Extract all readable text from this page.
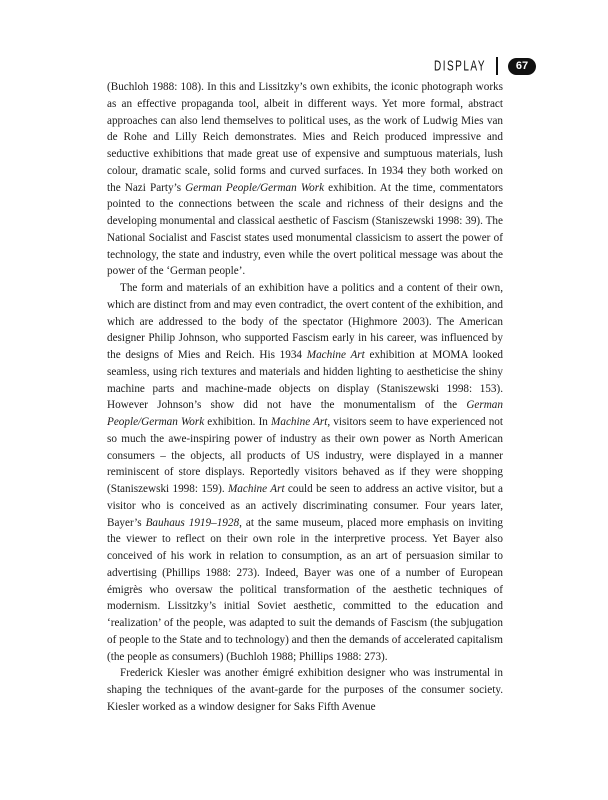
DISPLAY	67

(Buchloh 1988: 108). In this and Lissitzky’s own exhibits, the iconic photograph works as an effective propaganda tool, albeit in different ways. Yet more formal, abstract approaches can also lend themselves to political uses, as the work of Ludwig Mies van de Rohe and Lilly Reich demonstrates. Mies and Reich produced impressive and seductive exhibitions that made great use of expensive and sumptuous materials, lush colour, dramatic scale, solid forms and curved surfaces. In 1934 they both worked on the Nazi Party’s German People/German Work exhibition. At the time, commentators pointed to the connections between the scale and richness of their designs and the developing monumental and classical aesthetic of Fascism (Staniszewski 1998: 39). The National Socialist and Fascist states used monumental classicism to assert the power of technology, the state and industry, even while the overt political message was about the power of the ‘German people’.

The form and materials of an exhibition have a politics and a content of their own, which are distinct from and may even contradict, the overt content of the exhibition, and which are addressed to the body of the spectator (Highmore 2003). The American designer Philip Johnson, who supported Fascism early in his career, was influenced by the designs of Mies and Reich. His 1934 Machine Art exhibition at MOMA looked seamless, using rich textures and materials and hidden lighting to aestheticise the shiny machine parts and machine-made objects on display (Staniszewski 1998: 153). However Johnson’s show did not have the monumentalism of the German People/German Work exhibition. In Machine Art, visitors seem to have experienced not so much the awe-inspiring power of industry as their own power as North American consumers – the objects, all products of US industry, were displayed in a manner reminiscent of store displays. Reportedly visitors behaved as if they were shopping (Staniszewski 1998: 159). Machine Art could be seen to address an active visitor, but a visitor who is conceived as an actively discriminating consumer. Four years later, Bayer’s Bauhaus 1919–1928, at the same museum, placed more emphasis on inviting the viewer to reflect on their own role in the interpretive process. Yet Bayer also conceived of his work in relation to consumption, as an art of persuasion similar to advertising (Phillips 1988: 273). Indeed, Bayer was one of a number of European émigrès who oversaw the political transformation of the aesthetic techniques of modernism. Lissitzky’s initial Soviet aesthetic, committed to the education and ‘realization’ of the people, was adapted to suit the demands of Fascism (the subjugation of people to the State and to technology) and then the demands of accelerated capitalism (the people as consumers) (Buchloh 1988; Phillips 1988: 273).

Frederick Kiesler was another émigré exhibition designer who was instrumental in shaping the techniques of the avant-garde for the purposes of the consumer society. Kiesler worked as a window designer for Saks Fifth Avenue
